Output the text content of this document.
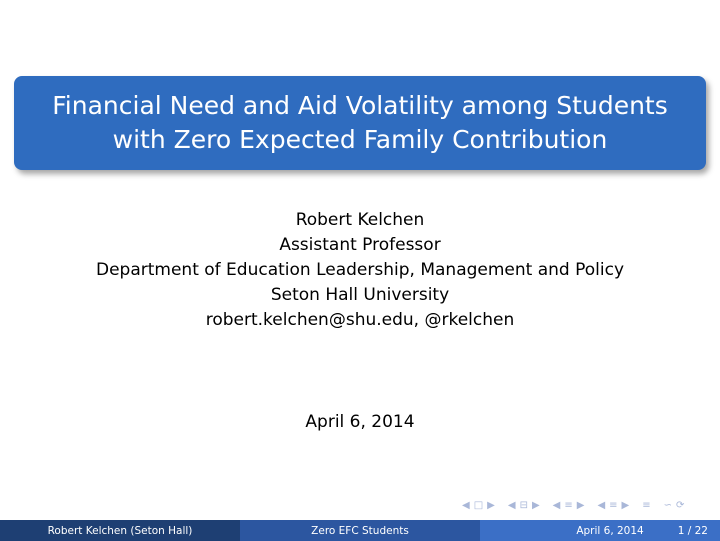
Financial Need and Aid Volatility among Students
with Zero Expected Family Contribution
Robert Kelchen
Assistant Professor
Department of Education Leadership, Management and Policy
Seton Hall University
robert.kelchen@shu.edu, @rkelchen
April 6, 2014
◀ □ ▶ ◀ ⊟ ▶ ◀ ≡ ▶ ◀ ≡ ▶ ≡ ∽ ⟳
Robert Kelchen (Seton Hall)	Zero EFC Students	April 6, 2014	1 / 22
